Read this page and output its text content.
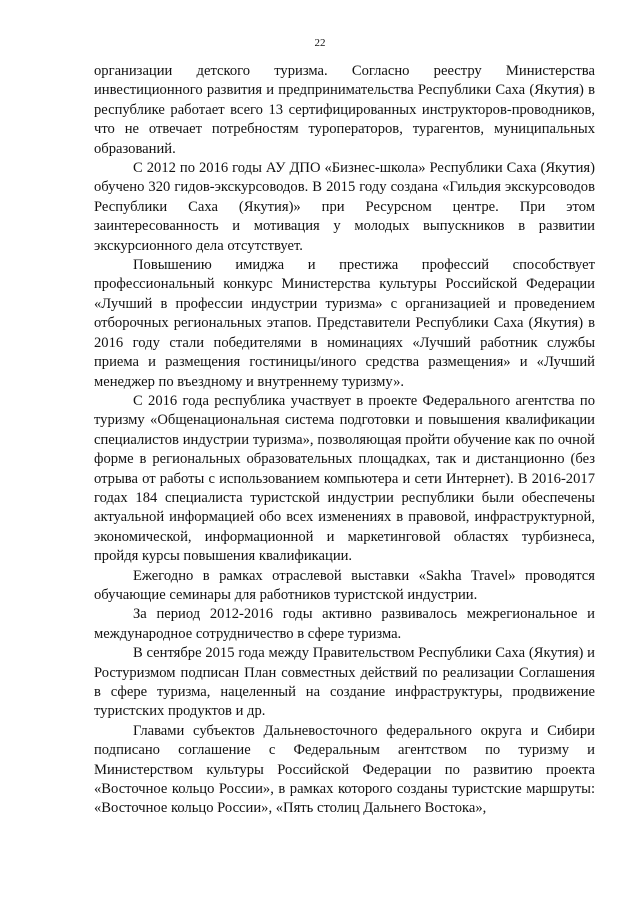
22

организации детского туризма. Согласно реестру Министерства инвестиционного развития и предпринимательства Республики Саха (Якутия) в республике работает всего 13 сертифицированных инструкторов-проводников, что не отвечает потребностям туроператоров, турагентов, муниципальных образований.

С 2012 по 2016 годы АУ ДПО «Бизнес-школа» Республики Саха (Якутия) обучено 320 гидов-экскурсоводов. В 2015 году создана «Гильдия экскурсоводов Республики Саха (Якутия)» при Ресурсном центре. При этом заинтересованность и мотивация у молодых выпускников в развитии экскурсионного дела отсутствует.

Повышению имиджа и престижа профессий способствует профессиональный конкурс Министерства культуры Российской Федерации «Лучший в профессии индустрии туризма» с организацией и проведением отборочных региональных этапов. Представители Республики Саха (Якутия) в 2016 году стали победителями в номинациях «Лучший работник службы приема и размещения гостиницы/иного средства размещения» и «Лучший менеджер по въездному и внутреннему туризму».

С 2016 года республика участвует в проекте Федерального агентства по туризму «Общенациональная система подготовки и повышения квалификации специалистов индустрии туризма», позволяющая пройти обучение как по очной форме в региональных образовательных площадках, так и дистанционно (без отрыва от работы с использованием компьютера и сети Интернет). В 2016-2017 годах 184 специалиста туристской индустрии республики были обеспечены актуальной информацией обо всех изменениях в правовой, инфраструктурной, экономической, информационной и маркетинговой областях турбизнеса, пройдя курсы повышения квалификации.

Ежегодно в рамках отраслевой выставки «Sakha Travel» проводятся обучающие семинары для работников туристской индустрии.

За период 2012-2016 годы активно развивалось межрегиональное и международное сотрудничество в сфере туризма.

В сентябре 2015 года между Правительством Республики Саха (Якутия) и Ростуризмом подписан План совместных действий по реализации Соглашения в сфере туризма, нацеленный на создание инфраструктуры, продвижение туристских продуктов и др.

Главами субъектов Дальневосточного федерального округа и Сибири подписано соглашение с Федеральным агентством по туризму и Министерством культуры Российской Федерации по развитию проекта «Восточное кольцо России», в рамках которого созданы туристские маршруты: «Восточное кольцо России», «Пять столиц Дальнего Востока»,
